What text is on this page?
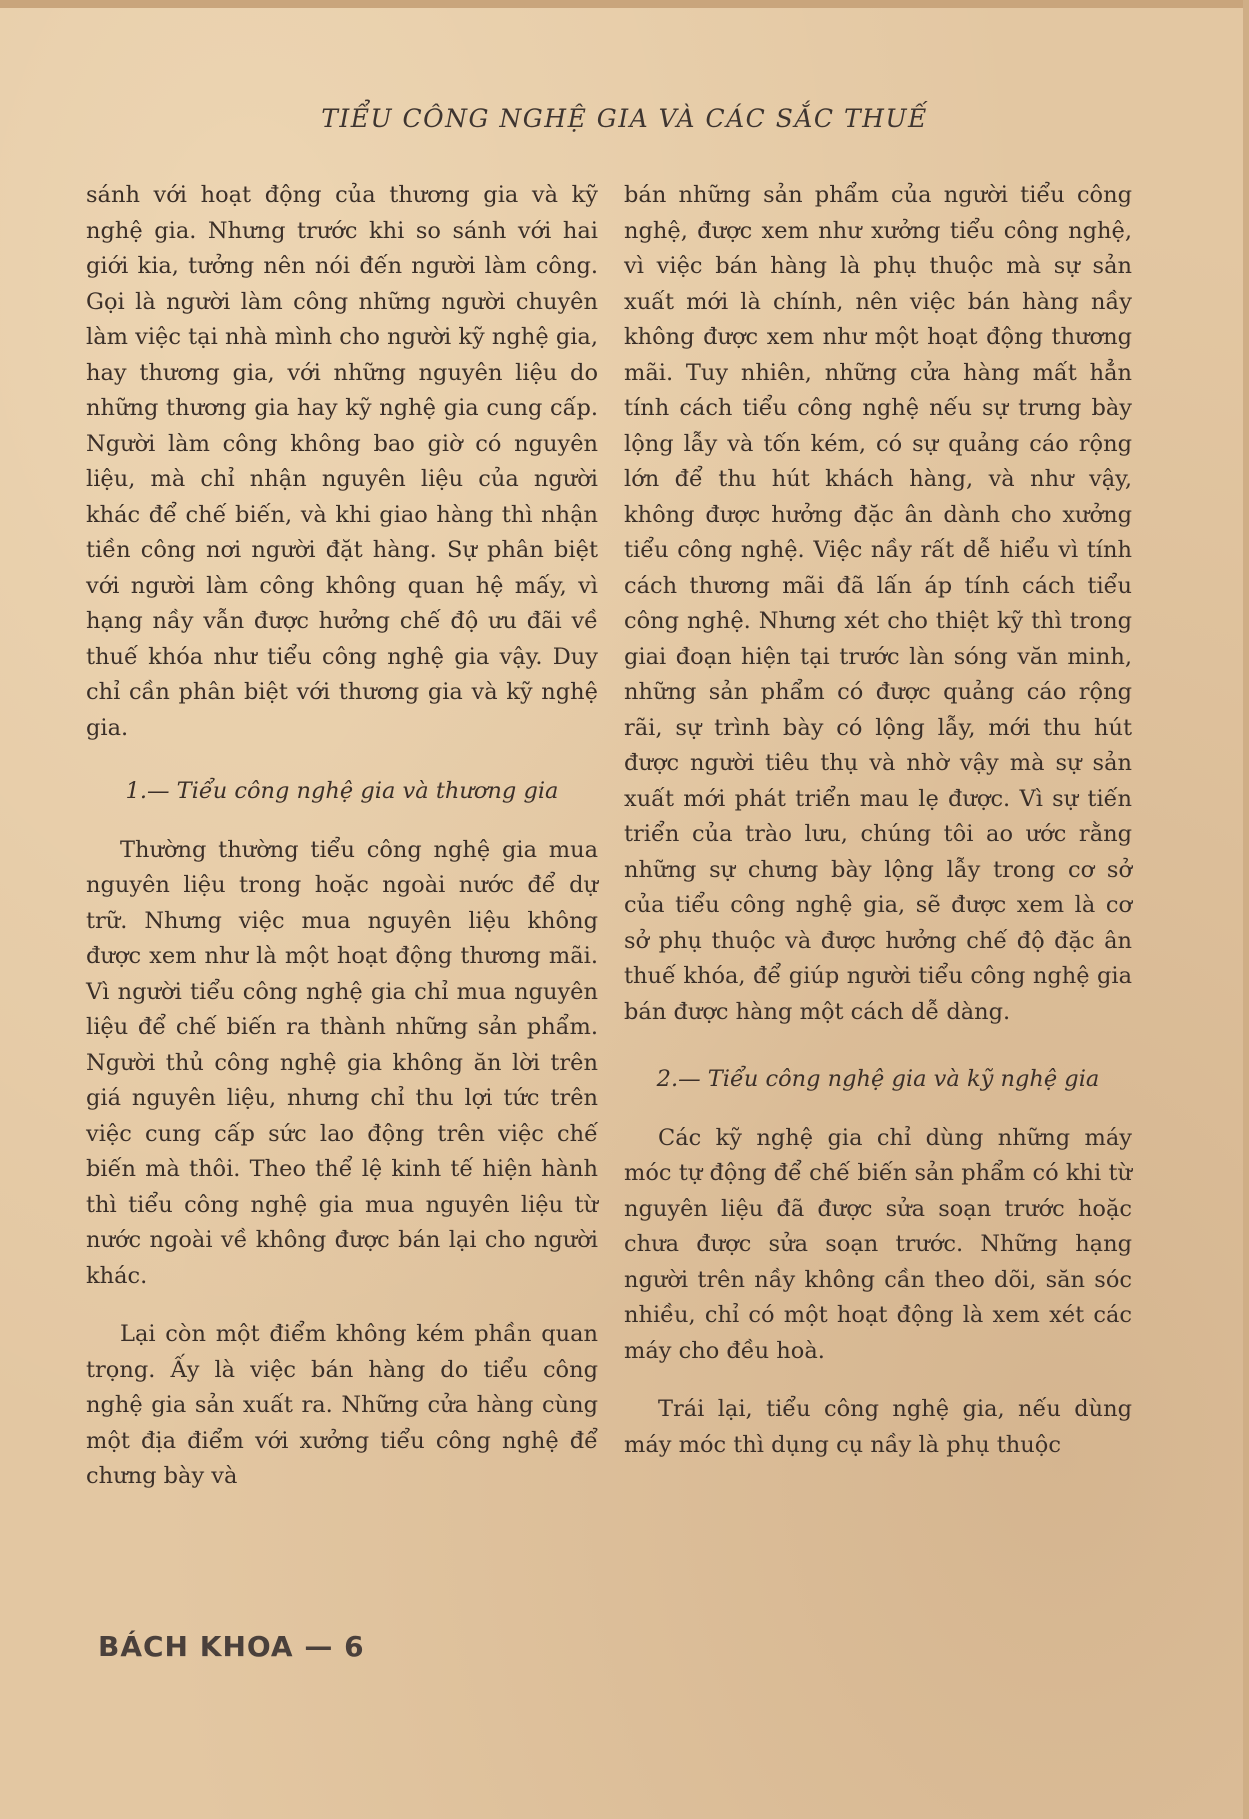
TIỂU CÔNG NGHỆ GIA VÀ CÁC SẮC THUẾ

sánh với hoạt động của thương gia và kỹ nghệ gia. Nhưng trước khi so sánh với hai giới kia, tưởng nên nói đến người làm công. Gọi là người làm công những người chuyên làm việc tại nhà mình cho người kỹ nghệ gia, hay thương gia, với những nguyên liệu do những thương gia hay kỹ nghệ gia cung cấp. Người làm công không bao giờ có nguyên liệu, mà chỉ nhận nguyên liệu của người khác để chế biến, và khi giao hàng thì nhận tiền công nơi người đặt hàng. Sự phân biệt với người làm công không quan hệ mấy, vì hạng nầy vẫn được hưởng chế độ ưu đãi về thuế khóa như tiểu công nghệ gia vậy. Duy chỉ cần phân biệt với thương gia và kỹ nghệ gia.

1.— Tiểu công nghệ gia và thương gia

Thường thường tiểu công nghệ gia mua nguyên liệu trong hoặc ngoài nước để dự trữ. Nhưng việc mua nguyên liệu không được xem như là một hoạt động thương mãi. Vì người tiểu công nghệ gia chỉ mua nguyên liệu để chế biến ra thành những sản phẩm. Người thủ công nghệ gia không ăn lời trên giá nguyên liệu, nhưng chỉ thu lợi tức trên việc cung cấp sức lao động trên việc chế biến mà thôi. Theo thể lệ kinh tế hiện hành thì tiểu công nghệ gia mua nguyên liệu từ nước ngoài về không được bán lại cho người khác.

Lại còn một điểm không kém phần quan trọng. Ấy là việc bán hàng do tiểu công nghệ gia sản xuất ra. Những cửa hàng cùng một địa điểm với xưởng tiểu công nghệ để chưng bày và

bán những sản phẩm của người tiểu công nghệ, được xem như xưởng tiểu công nghệ, vì việc bán hàng là phụ thuộc mà sự sản xuất mới là chính, nên việc bán hàng nầy không được xem như một hoạt động thương mãi. Tuy nhiên, những cửa hàng mất hẳn tính cách tiểu công nghệ nếu sự trưng bày lộng lẫy và tốn kém, có sự quảng cáo rộng lớn để thu hút khách hàng, và như vậy, không được hưởng đặc ân dành cho xưởng tiểu công nghệ. Việc nầy rất dễ hiểu vì tính cách thương mãi đã lấn áp tính cách tiểu công nghệ. Nhưng xét cho thiệt kỹ thì trong giai đoạn hiện tại trước làn sóng văn minh, những sản phẩm có được quảng cáo rộng rãi, sự trình bày có lộng lẫy, mới thu hút được người tiêu thụ và nhờ vậy mà sự sản xuất mới phát triển mau lẹ được. Vì sự tiến triển của trào lưu, chúng tôi ao ước rằng những sự chưng bày lộng lẫy trong cơ sở của tiểu công nghệ gia, sẽ được xem là cơ sở phụ thuộc và được hưởng chế độ đặc ân thuế khóa, để giúp người tiểu công nghệ gia bán được hàng một cách dễ dàng.

2.— Tiểu công nghệ gia và kỹ nghệ gia

Các kỹ nghệ gia chỉ dùng những máy móc tự động để chế biến sản phẩm có khi từ nguyên liệu đã được sửa soạn trước hoặc chưa được sửa soạn trước. Những hạng người trên nầy không cần theo dõi, săn sóc nhiều, chỉ có một hoạt động là xem xét các máy cho đều hoà.

Trái lại, tiểu công nghệ gia, nếu dùng máy móc thì dụng cụ nầy là phụ thuộc

BÁCH KHOA — 6
